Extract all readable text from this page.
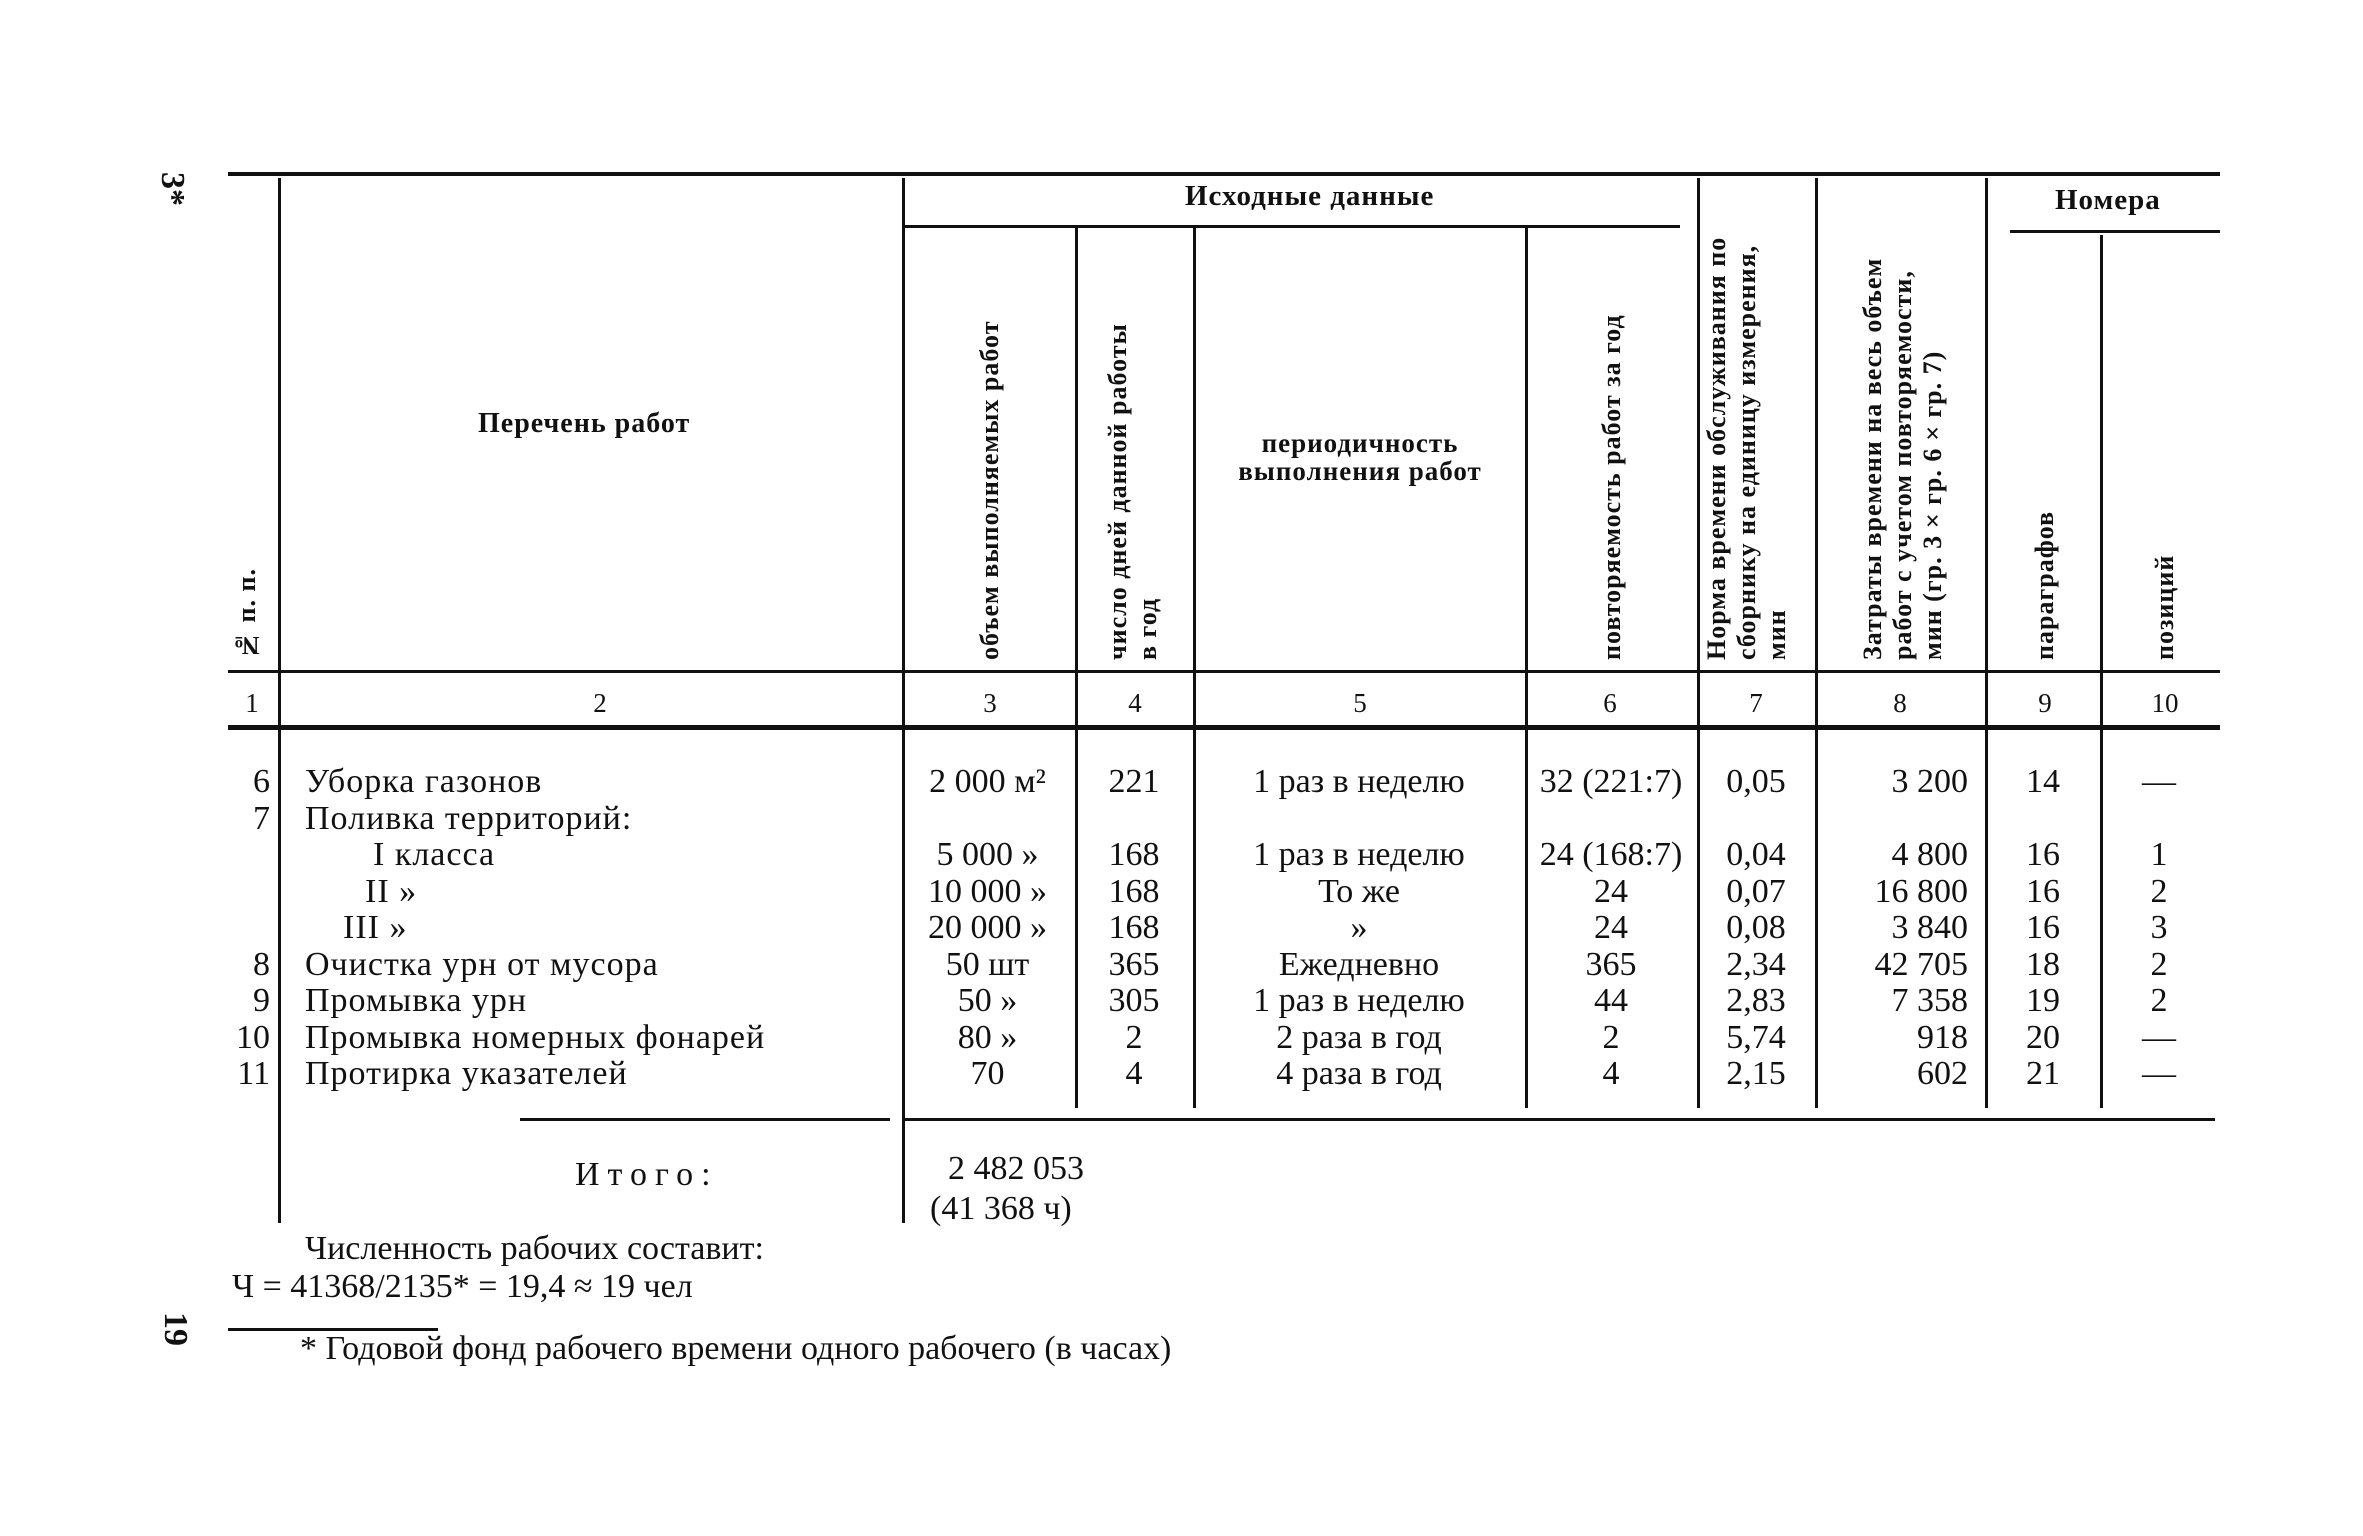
3*
19
№ п. п.
Перечень работ
Исходные данные
объем выполняемых работ	число дней данной работы в год
периодичность
выполнения работ	повторяемость работ за год	Норма времени обслуживания по сборнику на единицу измерения, мин	Затраты времени на весь объем работ с учетом повторяемости, мин (гр. 3×гр. 6×гр. 7)
Номера
параграфов	позиций
1	2	3	4	5	6	7	8	9	10
6 Уборка газонов	2 000 м²	221	1 раз в неделю	32 (221:7)	0,05	3 200	14	—
7 Поливка территорий:
I класса	5 000 »	168	1 раз в неделю	24 (168:7)	0,04	4 800	16	1
II »	10 000 »	168	То же	24	0,07	16 800	16	2
III »	20 000 »	168	»	24	0,08	3 840	16	3
8 Очистка урн от мусора	50 шт	365	Ежедневно	365	2,34	42 705	18	2
9 Промывка урн	50 »	305	1 раз в неделю	44	2,83	7 358	19	2
10 Промывка номерных фонарей	80 »	2	2 раза в год	2	5,74	918	20	—
11 Протирка указателей	70	4	4 раза в год	4	2,15	602	21	—
Итого:	2 482 053
(41 368 ч)
Численность рабочих составит:
Ч = 41368/2135* = 19,4 ≈ 19 чел
* Годовой фонд рабочего времени одного рабочего (в часах)
